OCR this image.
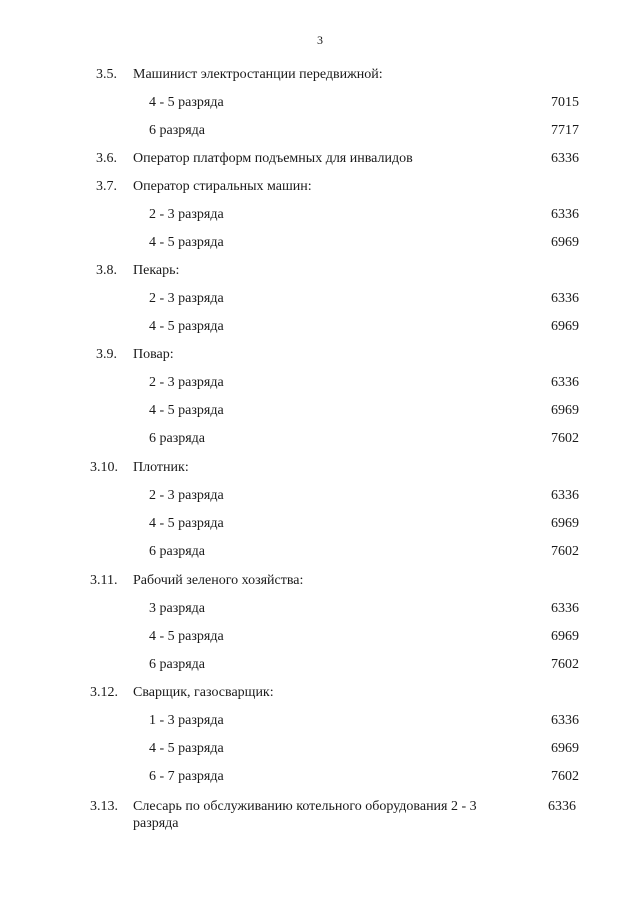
3
3.5. Машинист электростанции передвижной:
4 - 5 разряда	7015
6 разряда	7717
3.6. Оператор платформ подъемных для инвалидов	6336
3.7. Оператор стиральных машин:
2 - 3 разряда	6336
4 - 5 разряда	6969
3.8. Пекарь:
2 - 3 разряда	6336
4 - 5 разряда	6969
3.9. Повар:
2 - 3 разряда	6336
4 - 5 разряда	6969
6 разряда	7602
3.10. Плотник:
2 - 3 разряда	6336
4 - 5 разряда	6969
6 разряда	7602
3.11. Рабочий зеленого хозяйства:
3 разряда	6336
4 - 5 разряда	6969
6 разряда	7602
3.12. Сварщик, газосварщик:
1 - 3 разряда	6336
4 - 5 разряда	6969
6 - 7 разряда	7602
3.13. Слесарь по обслуживанию котельного оборудования 2 - 3 разряда
6336
